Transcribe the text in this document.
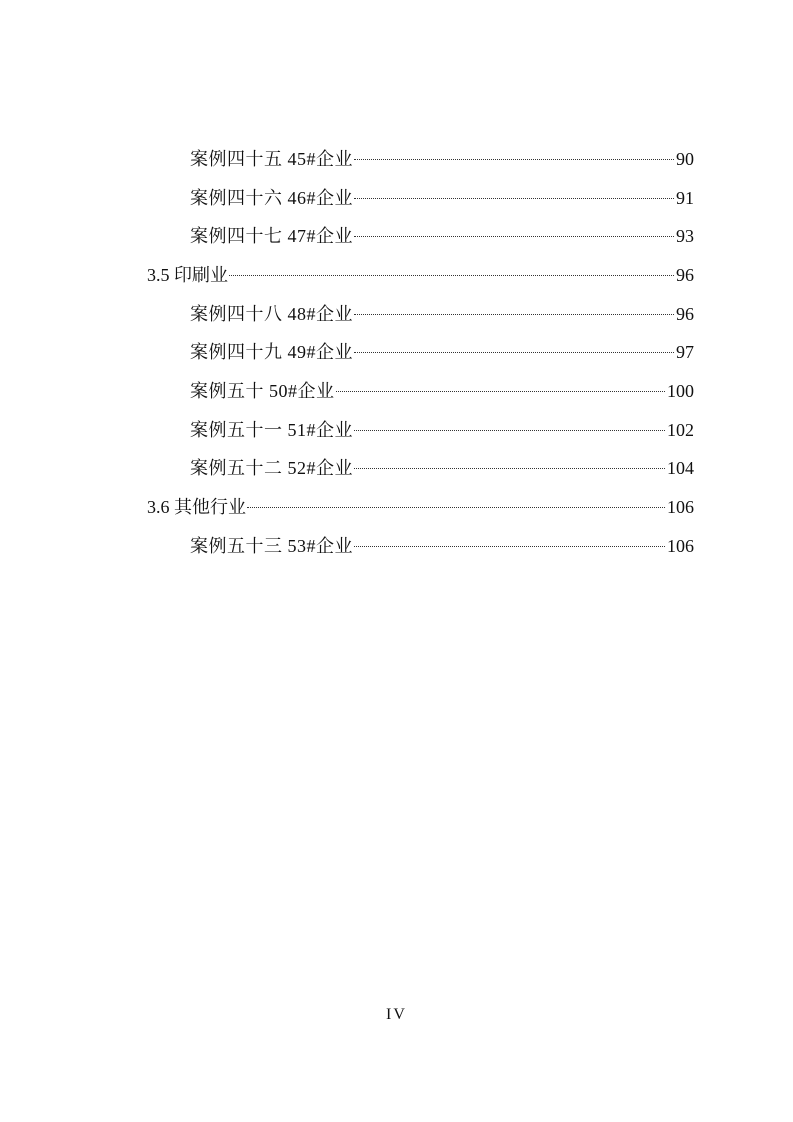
案例四十五 45#企业	90
案例四十六 46#企业	91
案例四十七 47#企业	93
3.5 印刷业	96
案例四十八 48#企业	96
案例四十九 49#企业	97
案例五十 50#企业	100
案例五十一 51#企业	102
案例五十二 52#企业	104
3.6 其他行业	106
案例五十三 53#企业	106
IV
